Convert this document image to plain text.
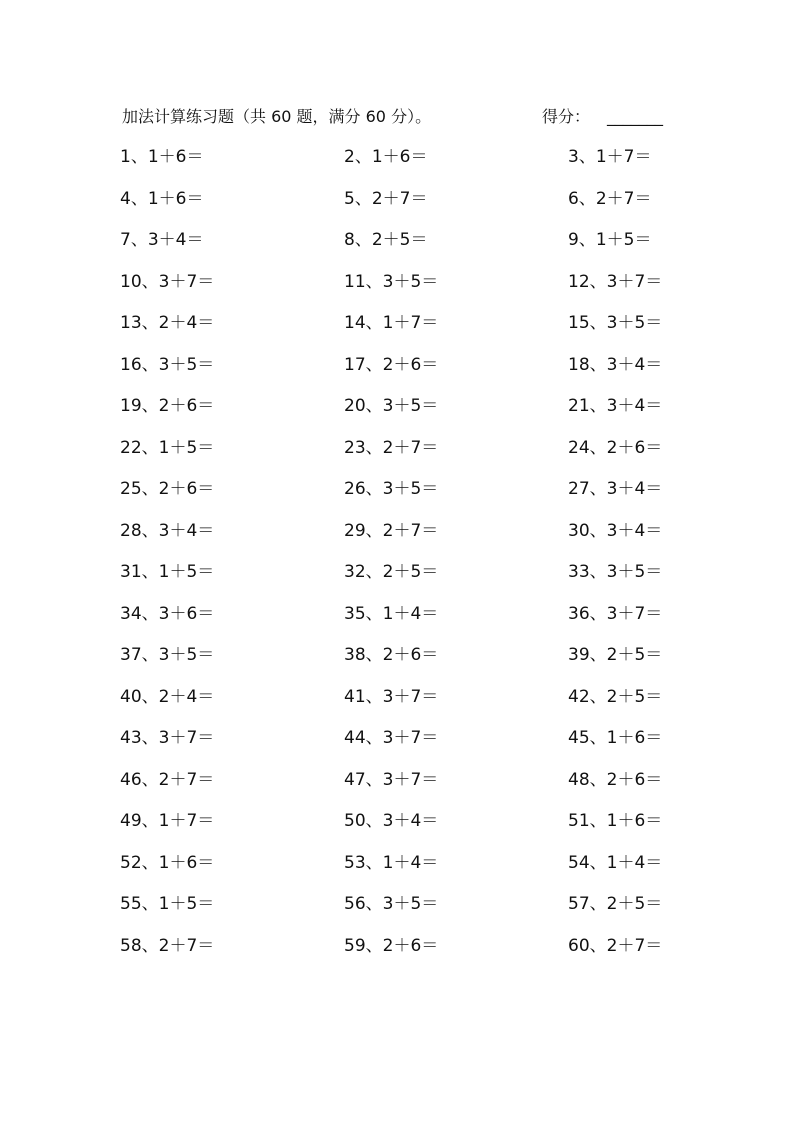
加法计算练习题（共 60 题，满分 60 分）。	得分： _______
1、1＋6＝	2、1＋6＝	3、1＋7＝
4、1＋6＝	5、2＋7＝	6、2＋7＝
7、3＋4＝	8、2＋5＝	9、1＋5＝
10、3＋7＝	11、3＋5＝	12、3＋7＝
13、2＋4＝	14、1＋7＝	15、3＋5＝
16、3＋5＝	17、2＋6＝	18、3＋4＝
19、2＋6＝	20、3＋5＝	21、3＋4＝
22、1＋5＝	23、2＋7＝	24、2＋6＝
25、2＋6＝	26、3＋5＝	27、3＋4＝
28、3＋4＝	29、2＋7＝	30、3＋4＝
31、1＋5＝	32、2＋5＝	33、3＋5＝
34、3＋6＝	35、1＋4＝	36、3＋7＝
37、3＋5＝	38、2＋6＝	39、2＋5＝
40、2＋4＝	41、3＋7＝	42、2＋5＝
43、3＋7＝	44、3＋7＝	45、1＋6＝
46、2＋7＝	47、3＋7＝	48、2＋6＝
49、1＋7＝	50、3＋4＝	51、1＋6＝
52、1＋6＝	53、1＋4＝	54、1＋4＝
55、1＋5＝	56、3＋5＝	57、2＋5＝
58、2＋7＝	59、2＋6＝	60、2＋7＝
